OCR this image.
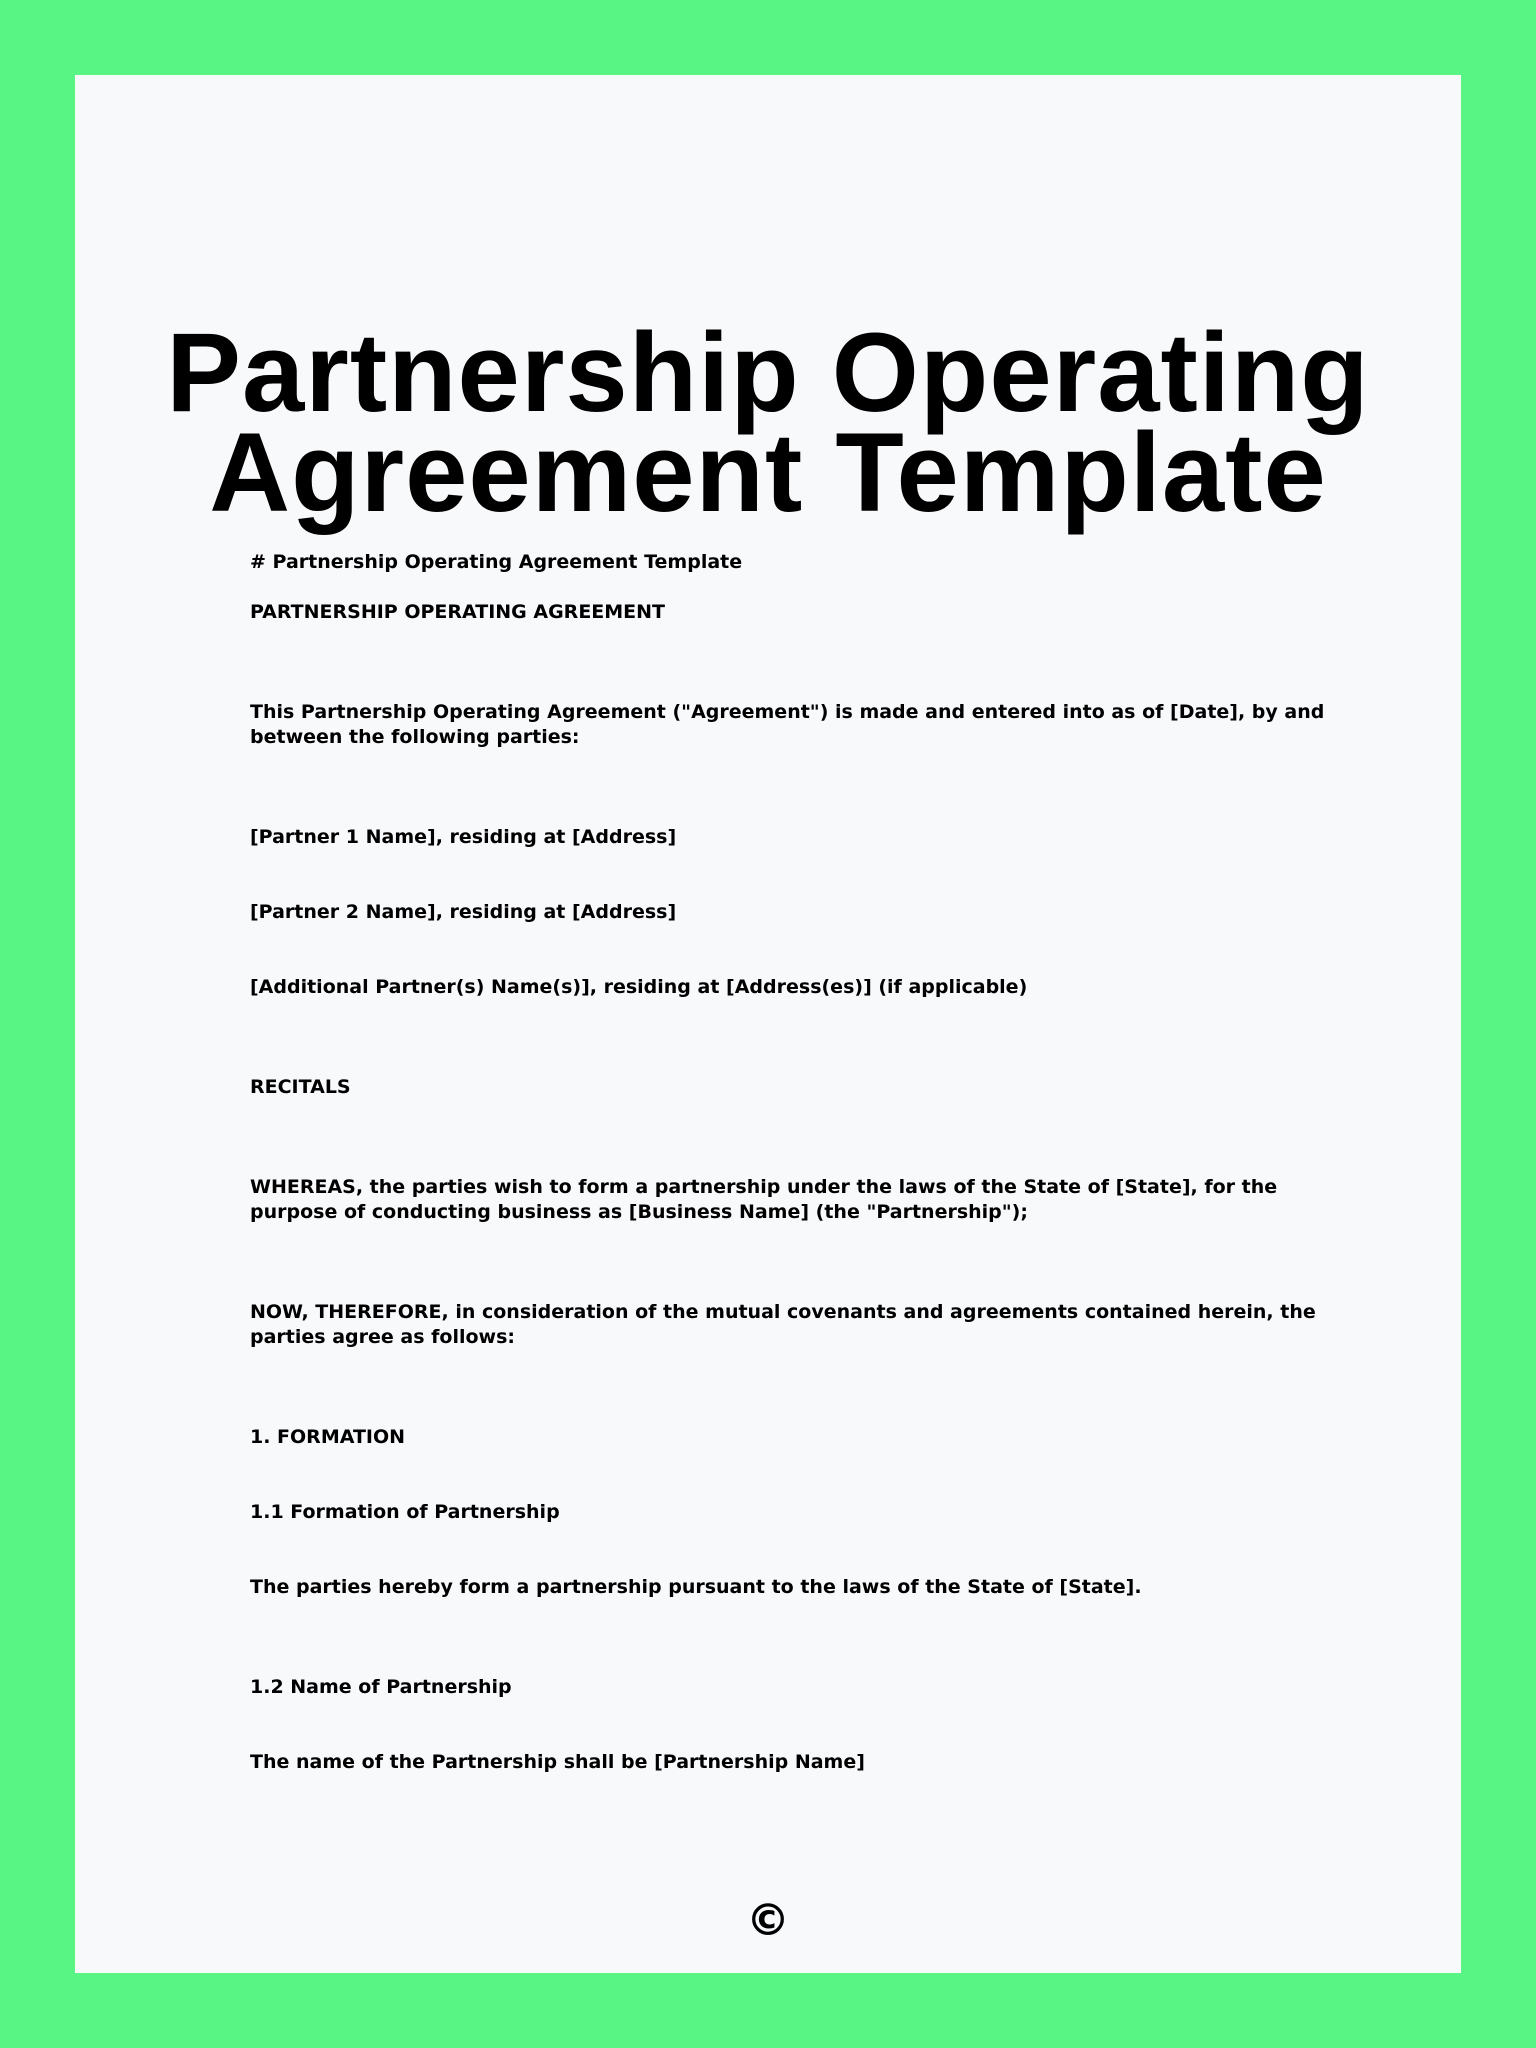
Partnership Operating Agreement Template

# Partnership Operating Agreement Template

PARTNERSHIP OPERATING AGREEMENT

This Partnership Operating Agreement ("Agreement") is made and entered into as of [Date], by and between the following parties:

[Partner 1 Name], residing at [Address]

[Partner 2 Name], residing at [Address]

[Additional Partner(s) Name(s)], residing at [Address(es)] (if applicable)

RECITALS

WHEREAS, the parties wish to form a partnership under the laws of the State of [State], for the purpose of conducting business as [Business Name] (the "Partnership");

NOW, THEREFORE, in consideration of the mutual covenants and agreements contained herein, the parties agree as follows:

1. FORMATION

1.1 Formation of Partnership

The parties hereby form a partnership pursuant to the laws of the State of [State].

1.2 Name of Partnership

The name of the Partnership shall be [Partnership Name]

©
